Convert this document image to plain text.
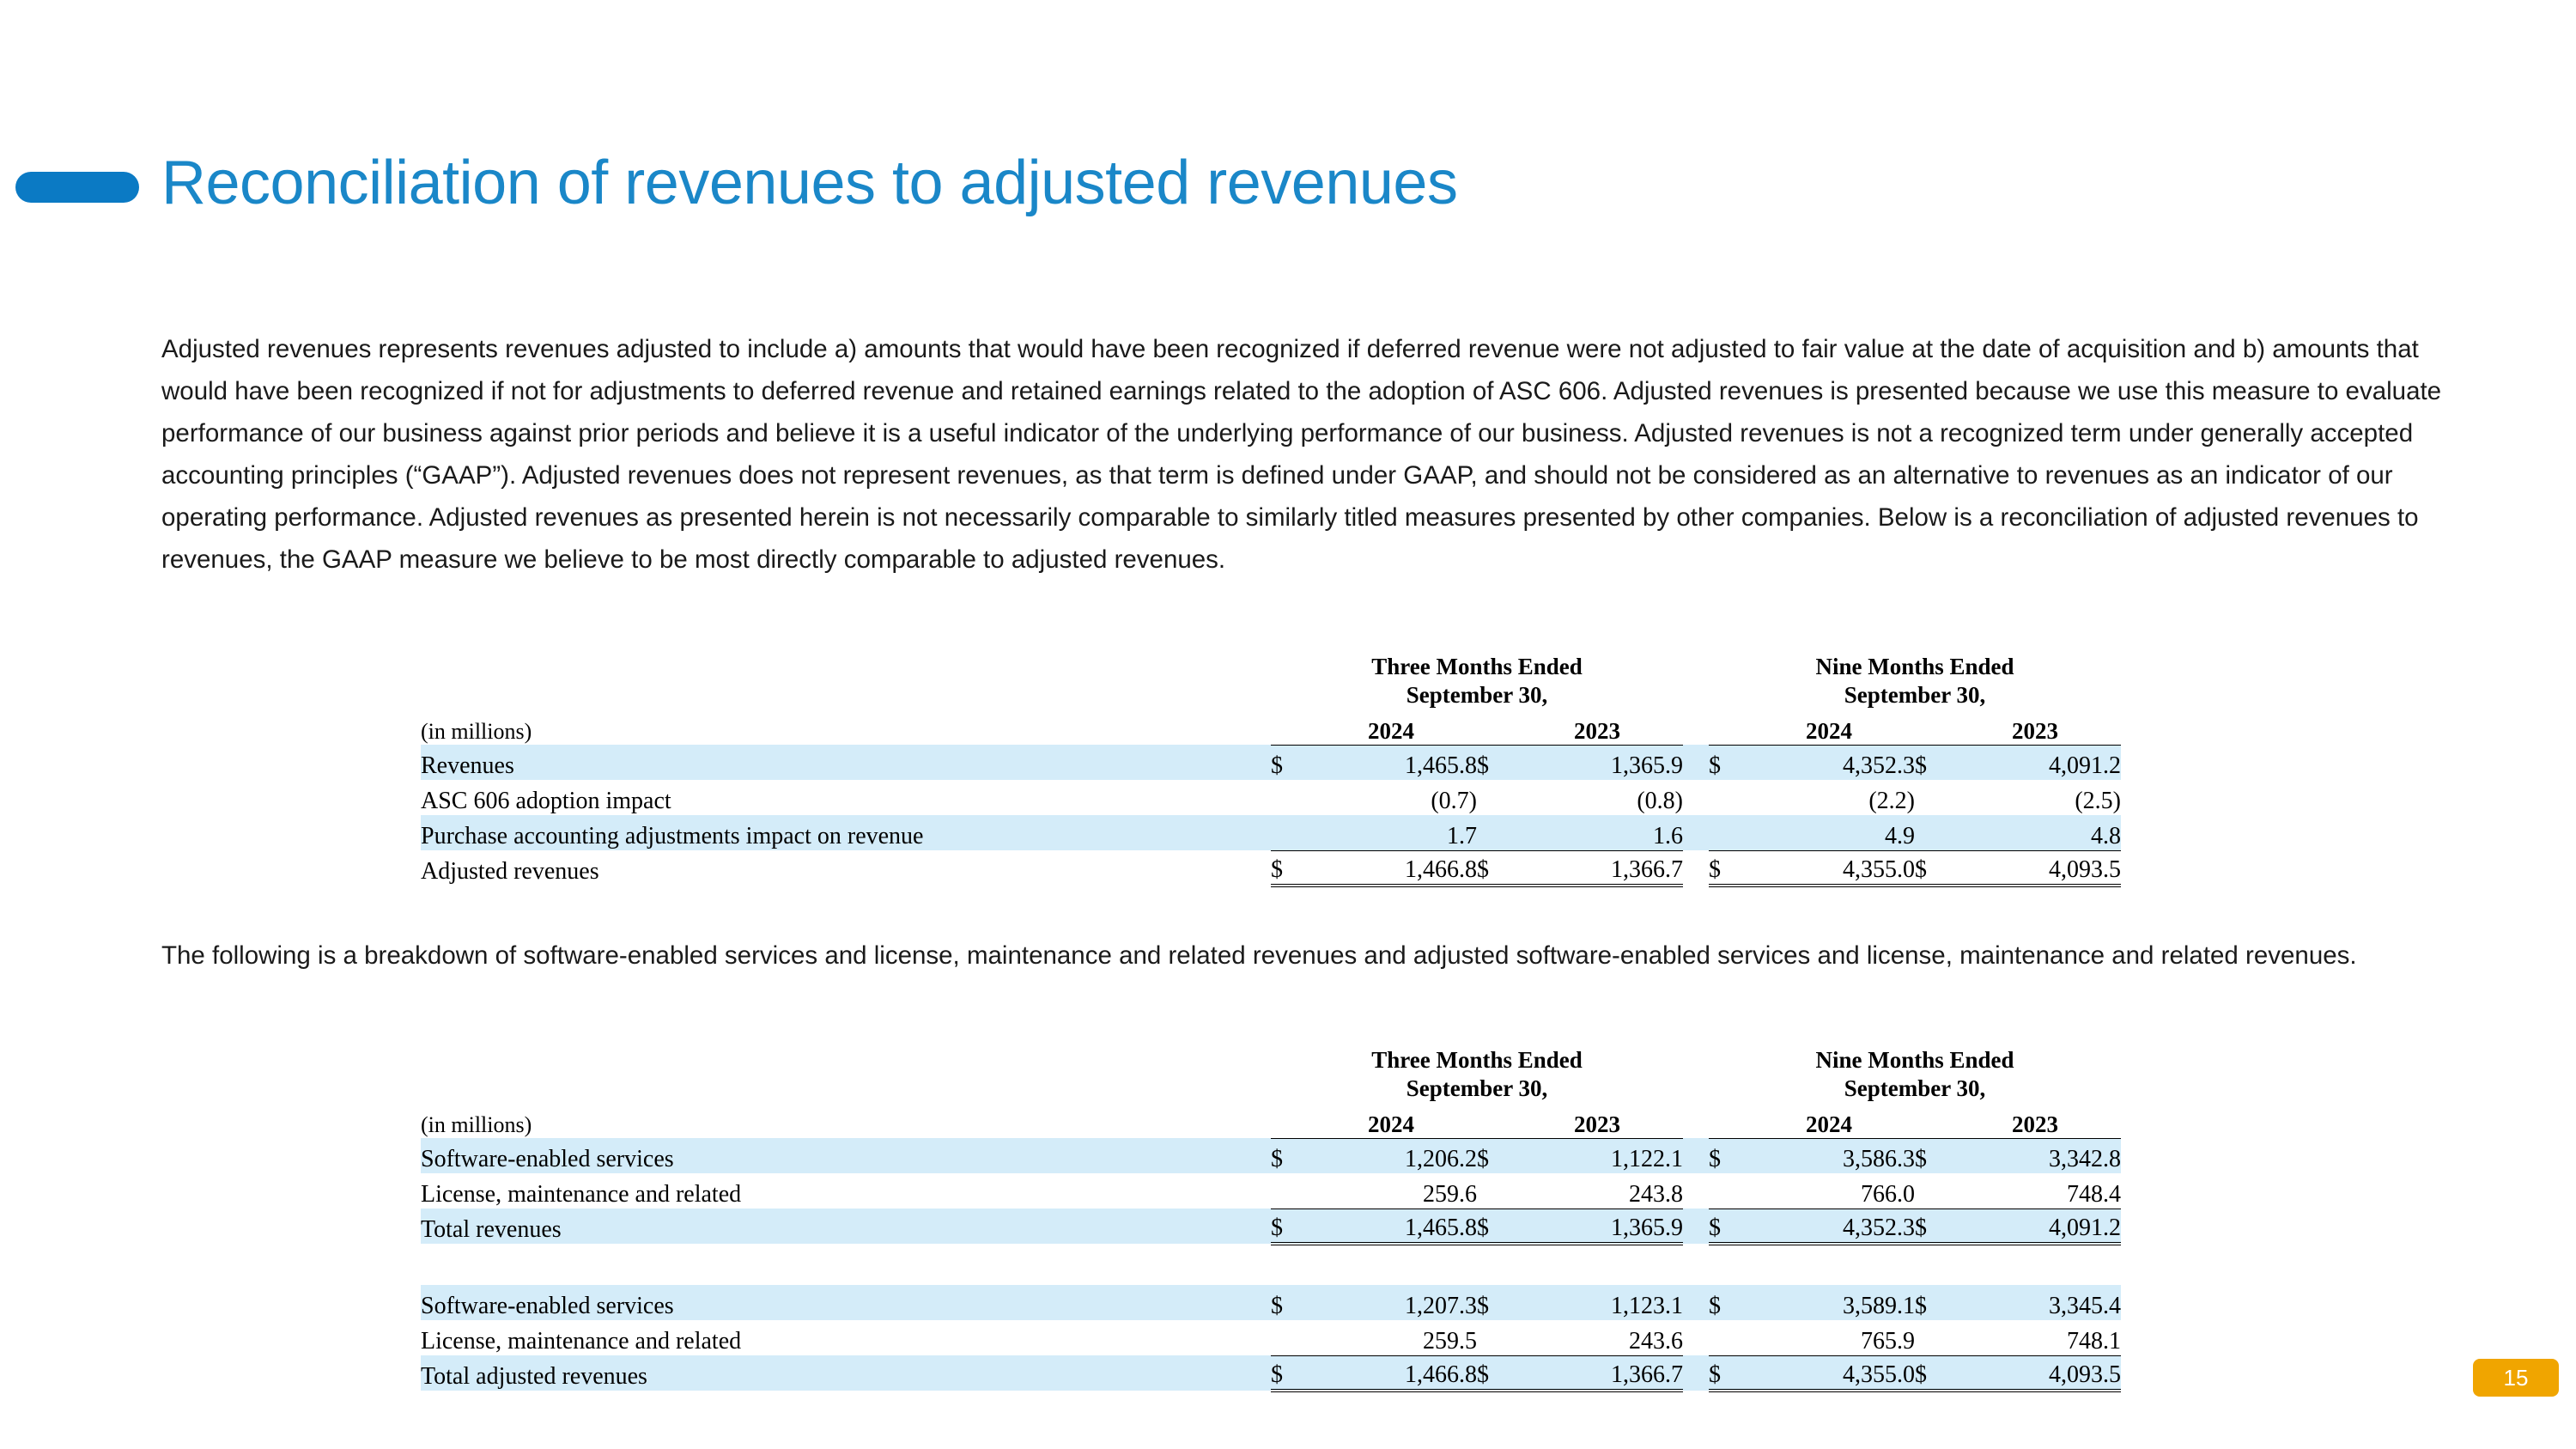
Reconciliation of revenues to adjusted revenues
Adjusted revenues represents revenues adjusted to include a) amounts that would have been recognized if deferred revenue were not adjusted to fair value at the date of acquisition and b) amounts that would have been recognized if not for adjustments to deferred revenue and retained earnings related to the adoption of ASC 606. Adjusted revenues is presented because we use this measure to evaluate performance of our business against prior periods and believe it is a useful indicator of the underlying performance of our business. Adjusted revenues is not a recognized term under generally accepted accounting principles (“GAAP”). Adjusted revenues does not represent revenues, as that term is defined under GAAP, and should not be considered as an alternative to revenues as an indicator of our operating performance. Adjusted revenues as presented herein is not necessarily comparable to similarly titled measures presented by other companies. Below is a reconciliation of adjusted revenues to revenues, the GAAP measure we believe to be most directly comparable to adjusted revenues.
		Three Months Ended
September 30,					Nine Months Ended
September 30,			

(in millions)			2024		2023			2024		2023
Revenues		$	1,465.8	$	1,365.9		$	4,352.3	$	4,091.2
ASC 606 adoption impact			(0.7)		(0.8)			(2.2)		(2.5)
Purchase accounting adjustments impact on revenue			1.7		1.6			4.9		4.8
Adjusted revenues		$	1,466.8	$	1,366.7		$	4,355.0	$	4,093.5
The following is a breakdown of software-enabled services and license, maintenance and related revenues and adjusted software-enabled services and license, maintenance and related revenues.
		Three Months Ended
September 30,					Nine Months Ended
September 30,			

(in millions)			2024		2023			2024		2023
Software-enabled services		$	1,206.2	$	1,122.1		$	3,586.3	$	3,342.8
License, maintenance and related			259.6		243.8			766.0		748.4
Total revenues		$	1,465.8	$	1,365.9		$	4,352.3	$	4,091.2

Software-enabled services		$	1,207.3	$	1,123.1		$	3,589.1	$	3,345.4
License, maintenance and related			259.5		243.6			765.9		748.1
Total adjusted revenues		$	1,466.8	$	1,366.7		$	4,355.0	$	4,093.5	15
